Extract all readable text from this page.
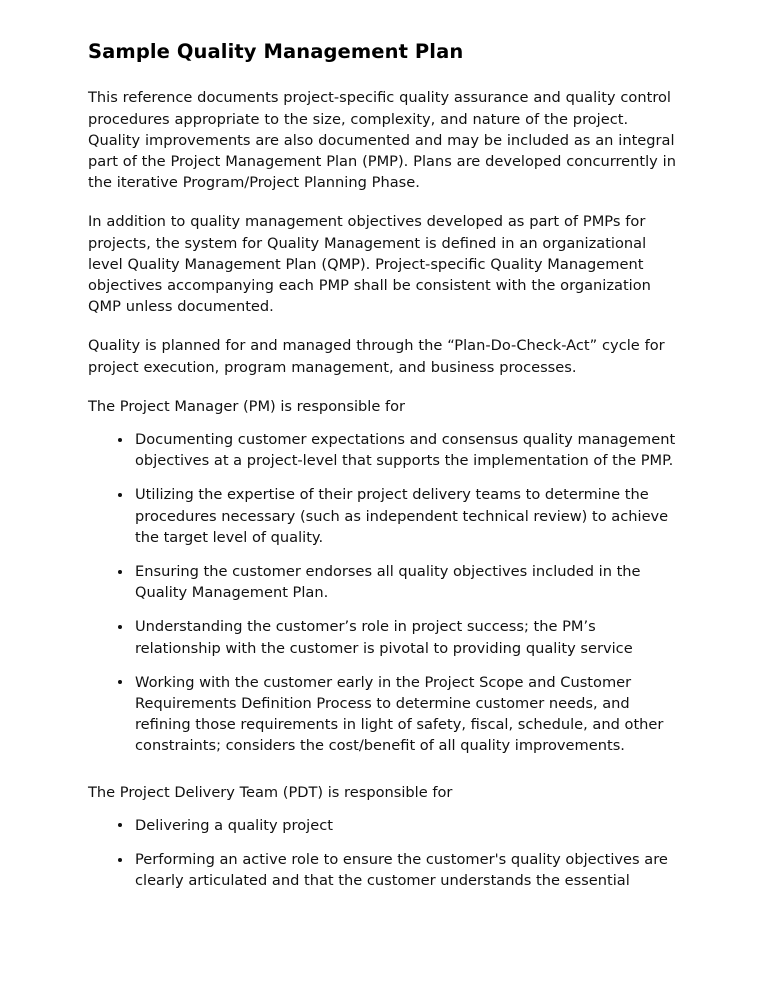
Sample Quality Management Plan

This reference documents project-specific quality assurance and quality control procedures appropriate to the size, complexity, and nature of the project. Quality improvements are also documented and may be included as an integral part of the Project Management Plan (PMP). Plans are developed concurrently in the iterative Program/Project Planning Phase.

In addition to quality management objectives developed as part of PMPs for projects, the system for Quality Management is defined in an organizational level Quality Management Plan (QMP). Project-specific Quality Management objectives accompanying each PMP shall be consistent with the organization QMP unless documented.

Quality is planned for and managed through the “Plan-Do-Check-Act” cycle for project execution, program management, and business processes.

The Project Manager (PM) is responsible for

Documenting customer expectations and consensus quality management objectives at a project-level that supports the implementation of the PMP.
Utilizing the expertise of their project delivery teams to determine the procedures necessary (such as independent technical review) to achieve the target level of quality.
Ensuring the customer endorses all quality objectives included in the Quality Management Plan.
Understanding the customer’s role in project success; the PM’s relationship with the customer is pivotal to providing quality service
Working with the customer early in the Project Scope and Customer Requirements Definition Process to determine customer needs, and refining those requirements in light of safety, fiscal, schedule, and other constraints; considers the cost/benefit of all quality improvements.

The Project Delivery Team (PDT) is responsible for

Delivering a quality project
Performing an active role to ensure the customer's quality objectives are clearly articulated and that the customer understands the essential
